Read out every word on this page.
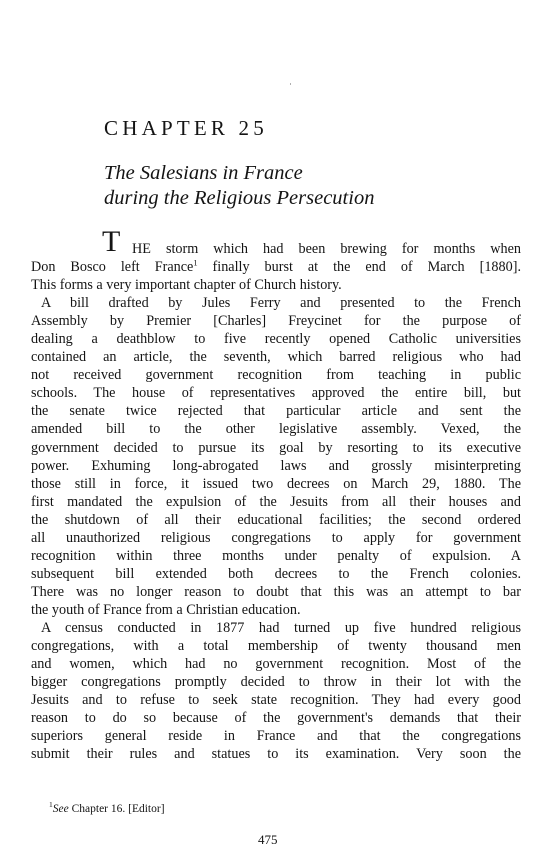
CHAPTER 25
The Salesians in France
during the Religious Persecution
T HE storm which had been brewing for months when
Don Bosco left France$^1$ finally burst at the end of March [1880].
This forms a very important chapter of Church history.
A bill drafted by Jules Ferry and presented to the French
Assembly by Premier [Charles] Freycinet for the purpose of
dealing a deathblow to five recently opened Catholic universities
contained an article, the seventh, which barred religious who had
not received government recognition from teaching in public
schools. The house of representatives approved the entire bill, but
the senate twice rejected that particular article and sent the
amended bill to the other legislative assembly. Vexed, the
government decided to pursue its goal by resorting to its executive
power. Exhuming long-abrogated laws and grossly misinterpreting
those still in force, it issued two decrees on March 29, 1880. The
first mandated the expulsion of the Jesuits from all their houses and
the shutdown of all their educational facilities; the second ordered
all unauthorized religious congregations to apply for government
recognition within three months under penalty of expulsion. A
subsequent bill extended both decrees to the French colonies.
There was no longer reason to doubt that this was an attempt to bar
the youth of France from a Christian education.
A census conducted in 1877 had turned up five hundred religious
congregations, with a total membership of twenty thousand men
and women, which had no government recognition. Most of the
bigger congregations promptly decided to throw in their lot with the
Jesuits and to refuse to seek state recognition. They had every good
reason to do so because of the government's demands that their
superiors general reside in France and that the congregations
submit their rules and statues to its examination. Very soon the
$^1$See Chapter 16. [Editor]
475
